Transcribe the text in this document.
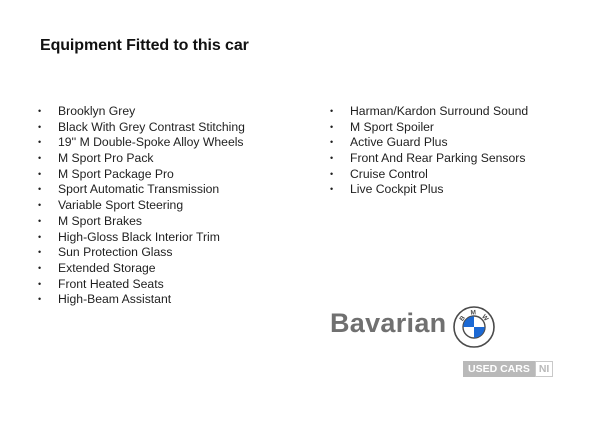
Equipment Fitted to this car
• Brooklyn Grey
• Black With Grey Contrast Stitching
• 19'' M Double-Spoke Alloy Wheels
• M Sport Pro Pack
• M Sport Package Pro
• Sport Automatic Transmission
• Variable Sport Steering
• M Sport Brakes
• High-Gloss Black Interior Trim
• Sun Protection Glass
• Extended Storage
• Front Heated Seats
• High-Beam Assistant
• Harman/Kardon Surround Sound
• M Sport Spoiler
• Active Guard Plus
• Front And Rear Parking Sensors
• Cruise Control
• Live Cockpit Plus
Bavarian B M W
USED CARS NI
